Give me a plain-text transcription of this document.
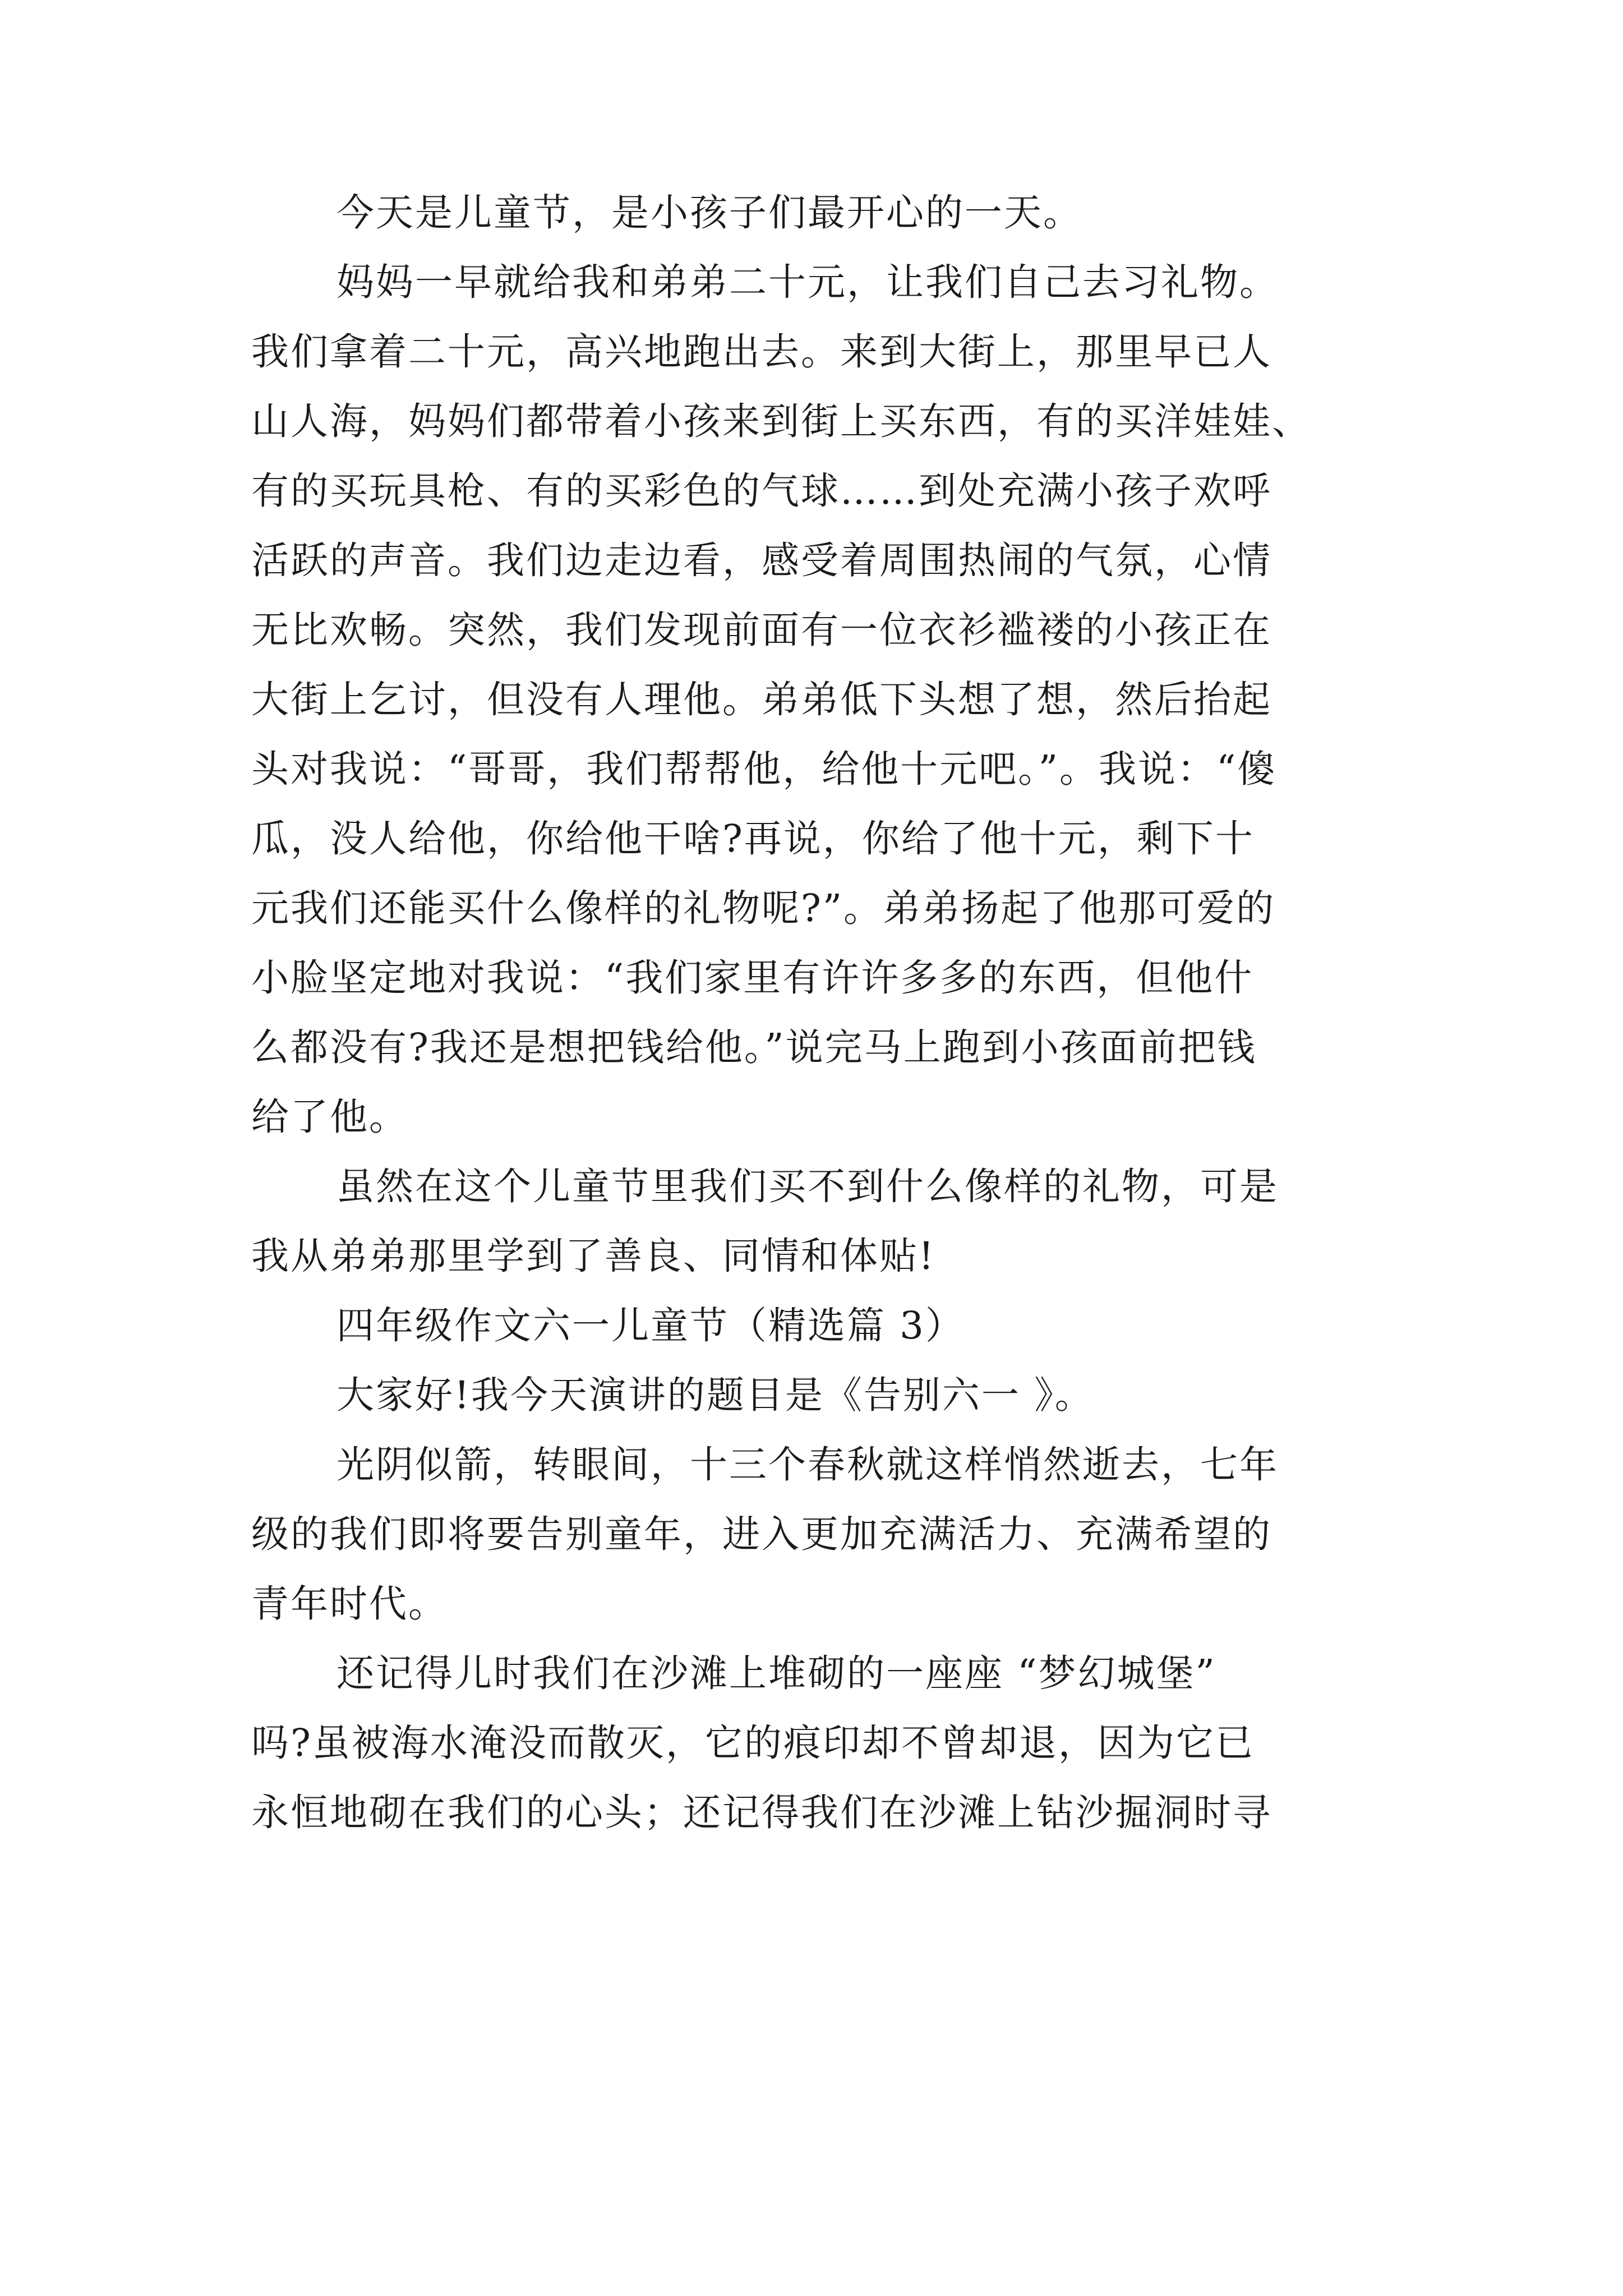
今天是儿童节，是小孩子们最开心的一天。

妈妈一早就给我和弟弟二十元，让我们自己去习礼物。

我们拿着二十元，高兴地跑出去。来到大街上，那里早已人

山人海，妈妈们都带着小孩来到街上买东西，有的买洋娃娃、

有的买玩具枪、有的买彩色的气球……到处充满小孩子欢呼

活跃的声音。我们边走边看，感受着周围热闹的气氛，心情

无比欢畅。突然，我们发现前面有一位衣衫褴褛的小孩正在

大街上乞讨，但没有人理他。弟弟低下头想了想，然后抬起

头对我说：“哥哥，我们帮帮他，给他十元吧。”。我说：“傻

瓜，没人给他，你给他干啥?再说，你给了他十元，剩下十

元我们还能买什么像样的礼物呢?”。弟弟扬起了他那可爱的

小脸坚定地对我说：“我们家里有许许多多的东西，但他什

么都没有?我还是想把钱给他。”说完马上跑到小孩面前把钱

给了他。

虽然在这个儿童节里我们买不到什么像样的礼物，可是

我从弟弟那里学到了善良、同情和体贴!

四年级作文六一儿童节（精选篇 3）

大家好!我今天演讲的题目是《告别六一 》。

光阴似箭，转眼间，十三个春秋就这样悄然逝去，七年

级的我们即将要告别童年，进入更加充满活力、充满希望的

青年时代。

还记得儿时我们在沙滩上堆砌的一座座 “梦幻城堡”

吗?虽被海水淹没而散灭，它的痕印却不曾却退，因为它已

永恒地砌在我们的心头；还记得我们在沙滩上钻沙掘洞时寻
